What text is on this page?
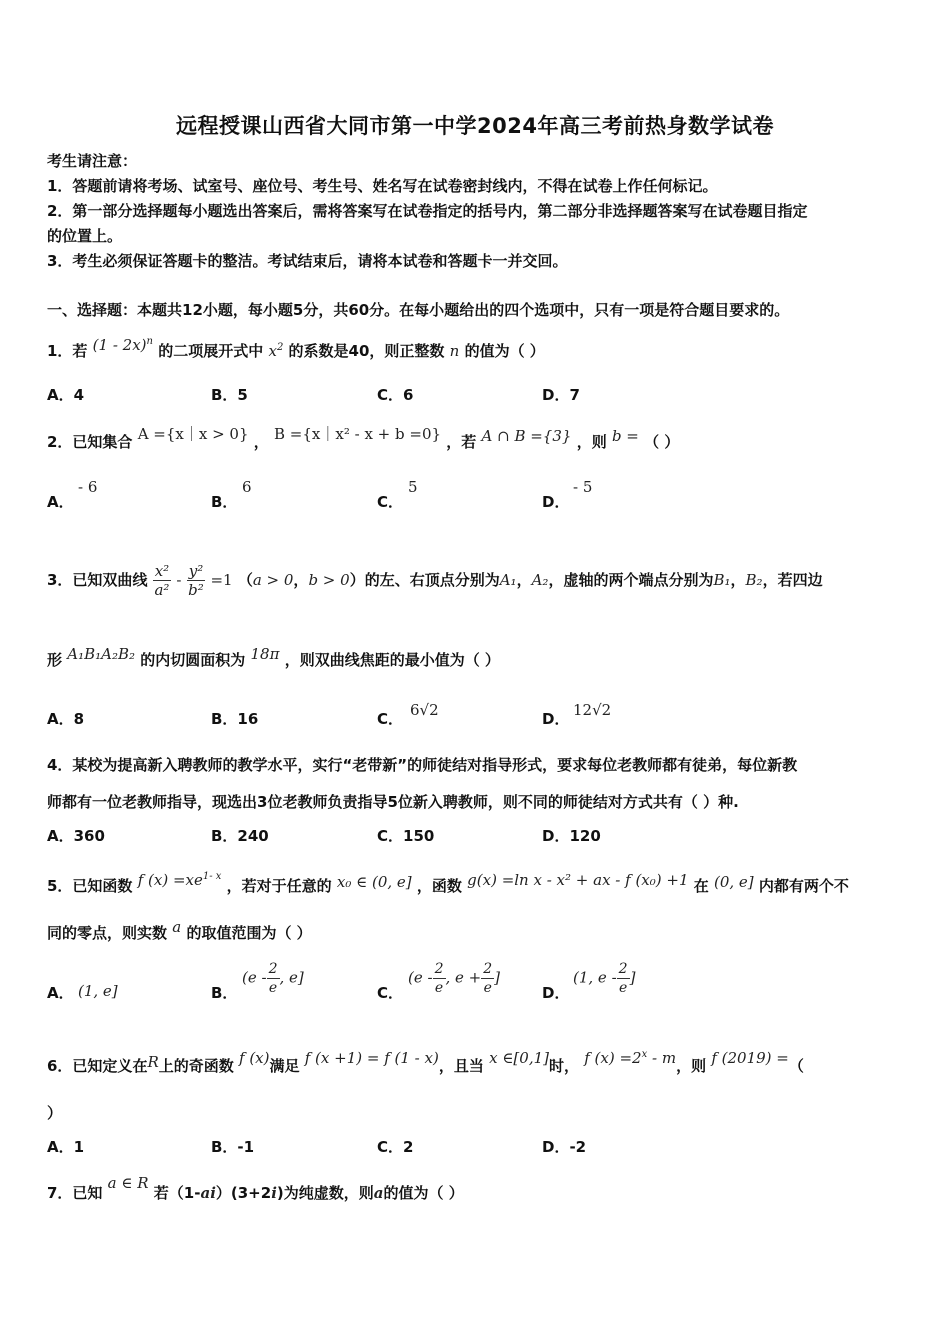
远程授课山西省大同市第一中学2024年高三考前热身数学试卷
考生请注意：
1．答题前请将考场、试室号、座位号、考生号、姓名写在试卷密封线内，不得在试卷上作任何标记。
2．第一部分选择题每小题选出答案后，需将答案写在试卷指定的括号内，第二部分非选择题答案写在试卷题目指定
的位置上。
3．考生必须保证答题卡的整洁。考试结束后，请将本试卷和答题卡一并交回。
一、选择题：本题共12小题，每小题5分，共60分。在每小题给出的四个选项中，只有一项是符合题目要求的。
1．若 (1 - 2x)$^n$ 的二项展开式中 $x^2$ 的系数是40，则正整数 n 的值为（ ）
A．4	B．5	C．6	D．7
2．已知集合 A ={x｜x > 0} ， B ={x｜x² - x + b =0} ，若 A ∩ B ={3} ，则 b = （ ）
A．
- 6
B．
6
C．
5
D．
- 5
3．已知双曲线 $\frac{\text{x²}}{\text{a²}} - \frac{\text{y²}}{\text{b²}} =1$ （a > 0，b > 0）的左、右顶点分别为A₁，A₂，虚轴的两个端点分别为B₁，B₂，若四边
形 A₁B₁A₂B₂ 的内切圆面积为 18π ，则双曲线焦距的最小值为（ ）
A．8	B．16	C． 6√2	D． 12√2
4．某校为提高新入聘教师的教学水平，实行“老带新”的师徒结对指导形式，要求每位老教师都有徒弟，每位新教
师都有一位老教师指导，现选出3位老教师负责指导5位新入聘教师，则不同的师徒结对方式共有（ ）种.
A．360	B．240	C．150	D．120
5．已知函数 f $(x) =xe^{1- x}$ ，若对于任意的 x₀ ∈ (0, e] ，函数 g(x) =ln x - x² + ax - f (x₀) +1 在 (0, e] 内都有两个不
同的零点，则实数 a 的取值范围为（ ）
A． (1, e]	B．
($e - \frac{2}{e}$ , e]
C．
($e - \frac{2}{e}$ , $e + \frac{2}{e}$ ]
D．
(1, e - $\frac{2}{e}$ ]
6．已知定义在R上的奇函数 f (x)满足 f (x +1) = f (1 - x)，且当 x ∈[0,1]时， f $(x) =2^x - m$，则 f (2019) =（
）
A．1	B．-1	C．2	D．-2
7．已知 a ∈ R 若（1-ai）(3+2i)为纯虚数，则a的值为（ ）
